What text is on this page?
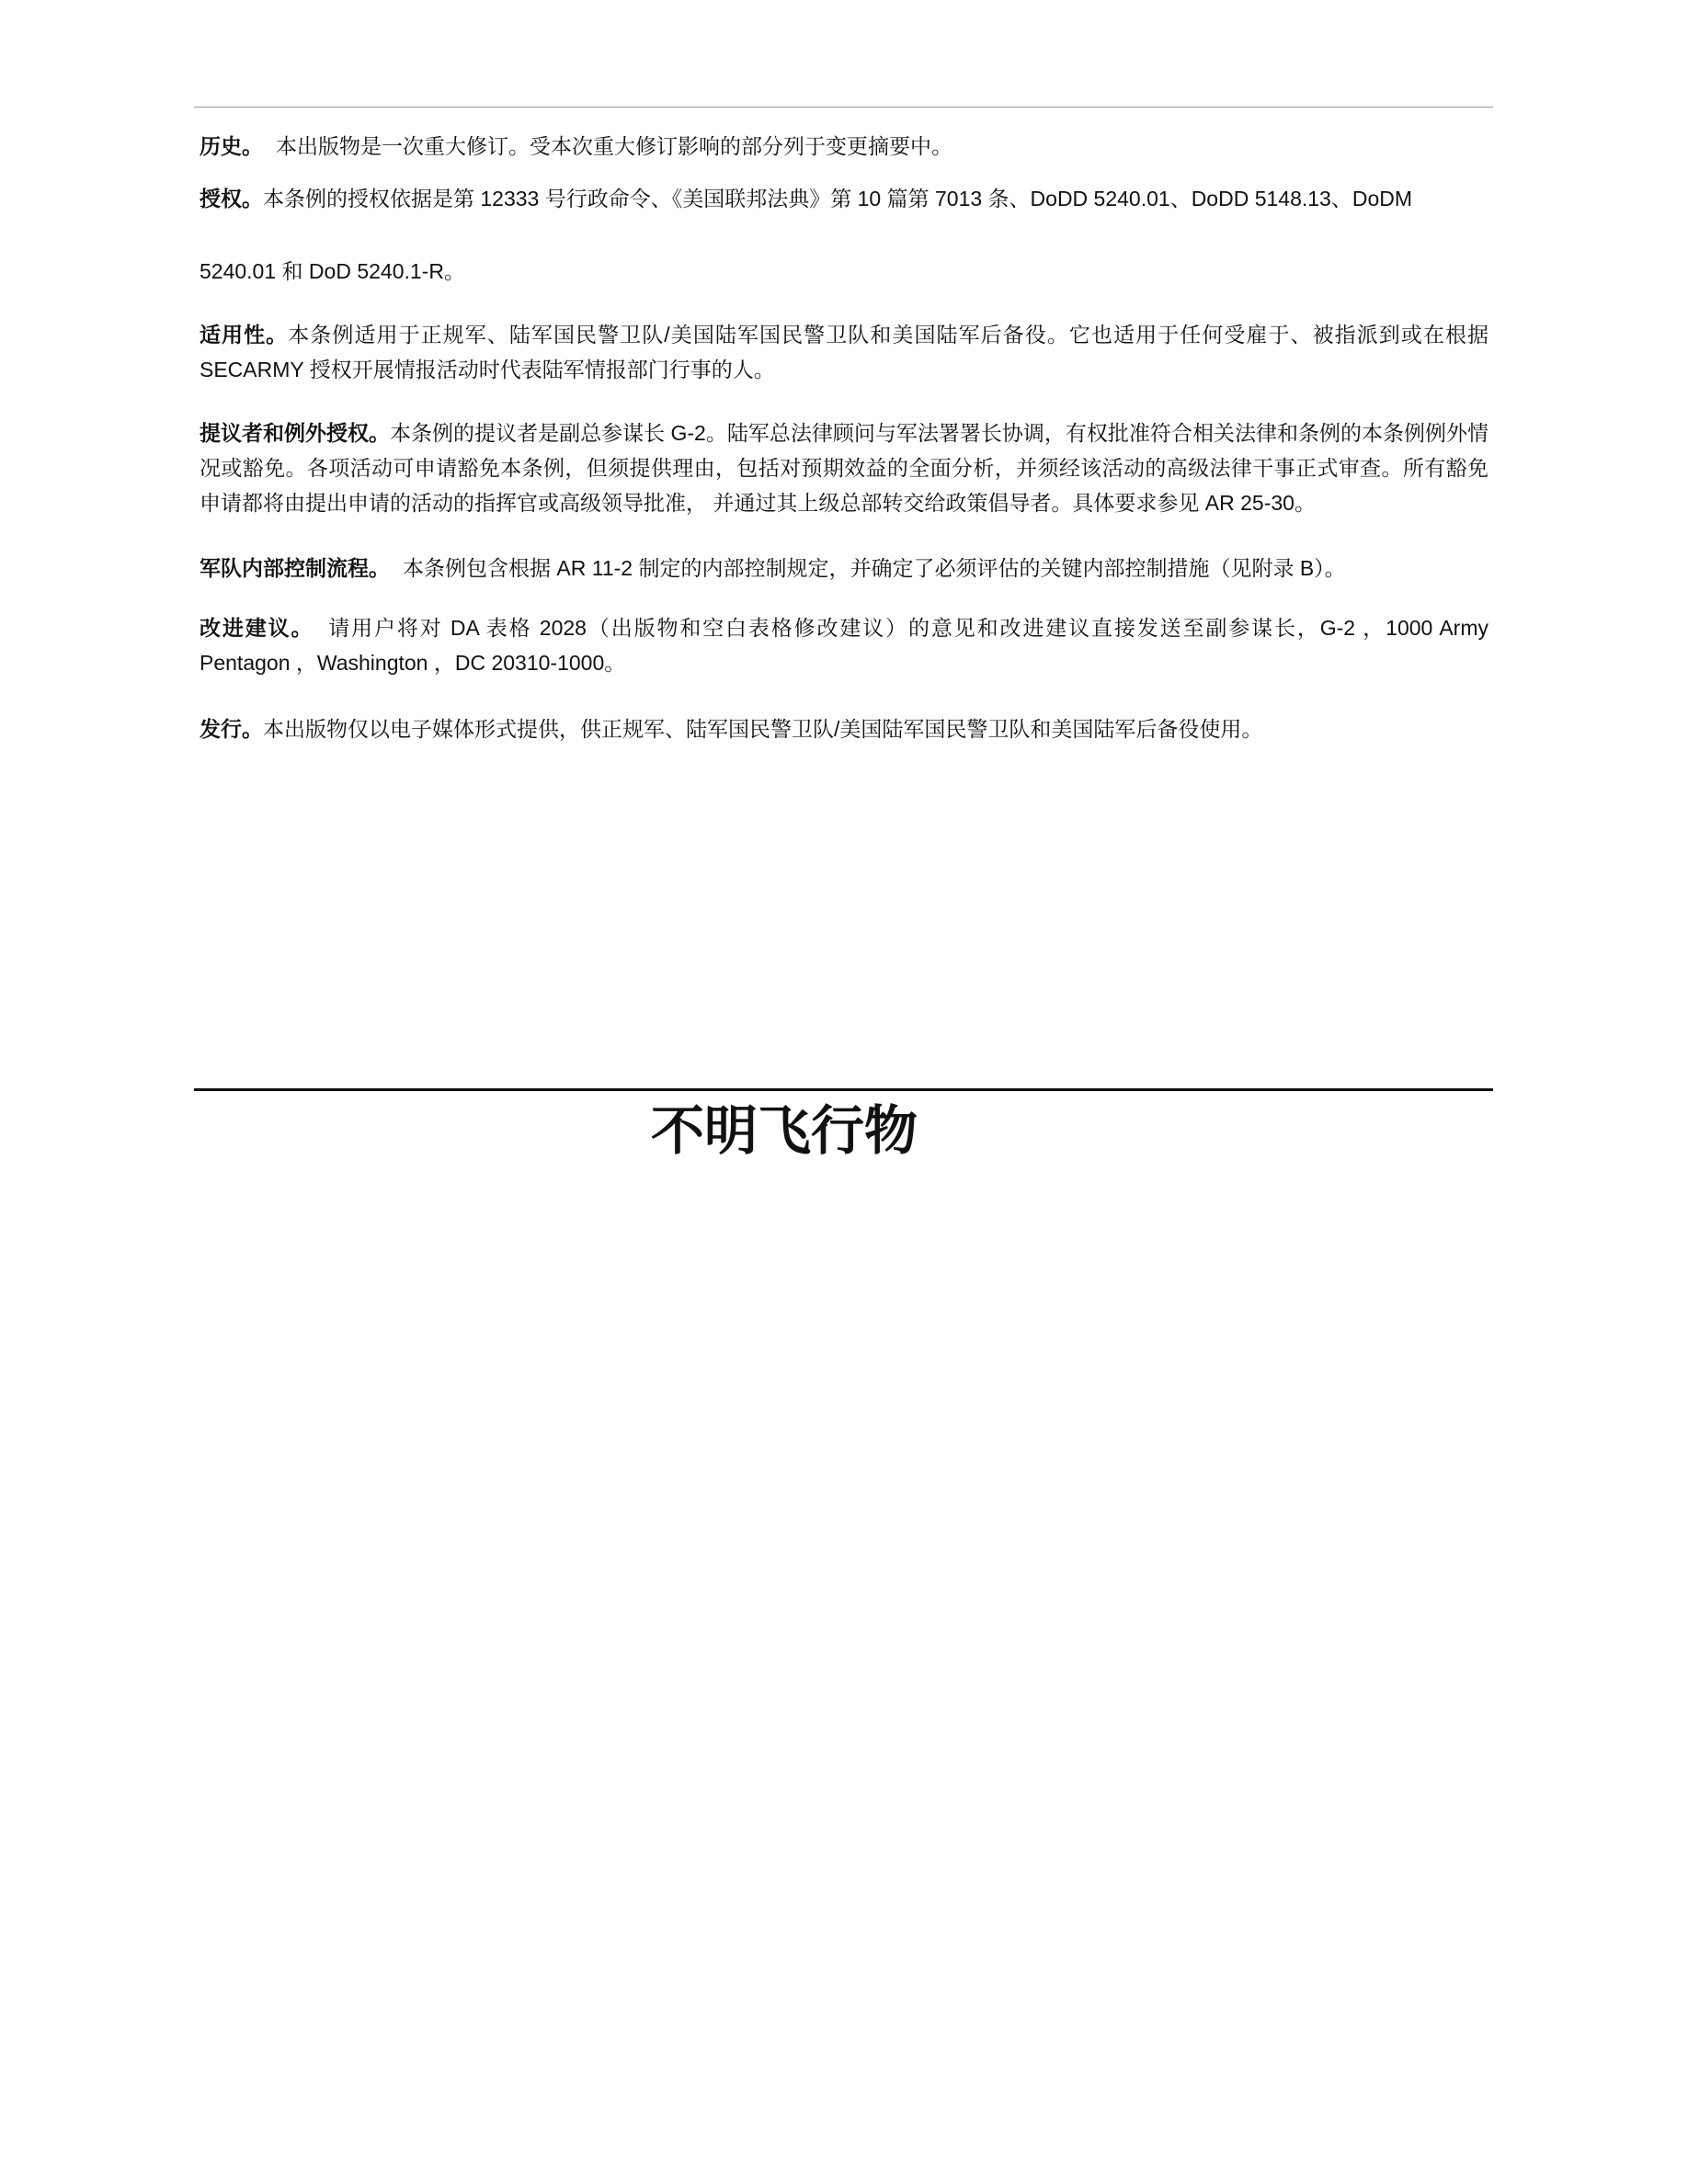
历史。 本出版物是一次重大修订。受本次重大修订影响的部分列于变更摘要中。

授权。本条例的授权依据是第 12333 号行政命令、《美国联邦法典》第 10 篇第 7013 条、DoDD 5240.01、DoDD 5148.13、DoDM

5240.01 和 DoD 5240.1-R。

适用性。本条例适用于正规军、陆军国民警卫队/美国陆军国民警卫队和美国陆军后备役。它也适用于任何受雇于、被指派到或在根据 SECARMY 授权开展情报活动时代表陆军情报部门行事的人。

提议者和例外授权。本条例的提议者是副总参谋长 G-2。陆军总法律顾问与军法署署长协调，有权批准符合相关法律和条例的本条例例外情况或豁免。各项活动可申请豁免本条例，但须提供理由，包括对预期效益的全面分析，并须经该活动的高级法律干事正式审查。所有豁免申请都将由提出申请的活动的指挥官或高级领导批准， 并通过其上级总部转交给政策倡导者。具体要求参见 AR 25-30。

军队内部控制流程。 本条例包含根据 AR 11-2 制定的内部控制规定，并确定了必须评估的关键内部控制措施（见附录 B）。

改进建议。 请用户将对 DA 表格 2028（出版物和空白表格修改建议）的意见和改进建议直接发送至副参谋长，G-2 ，1000 Army Pentagon ，Washington ，DC 20310-1000。

发行。本出版物仅以电子媒体形式提供，供正规军、陆军国民警卫队/美国陆军国民警卫队和美国陆军后备役使用。

不明飞行物
